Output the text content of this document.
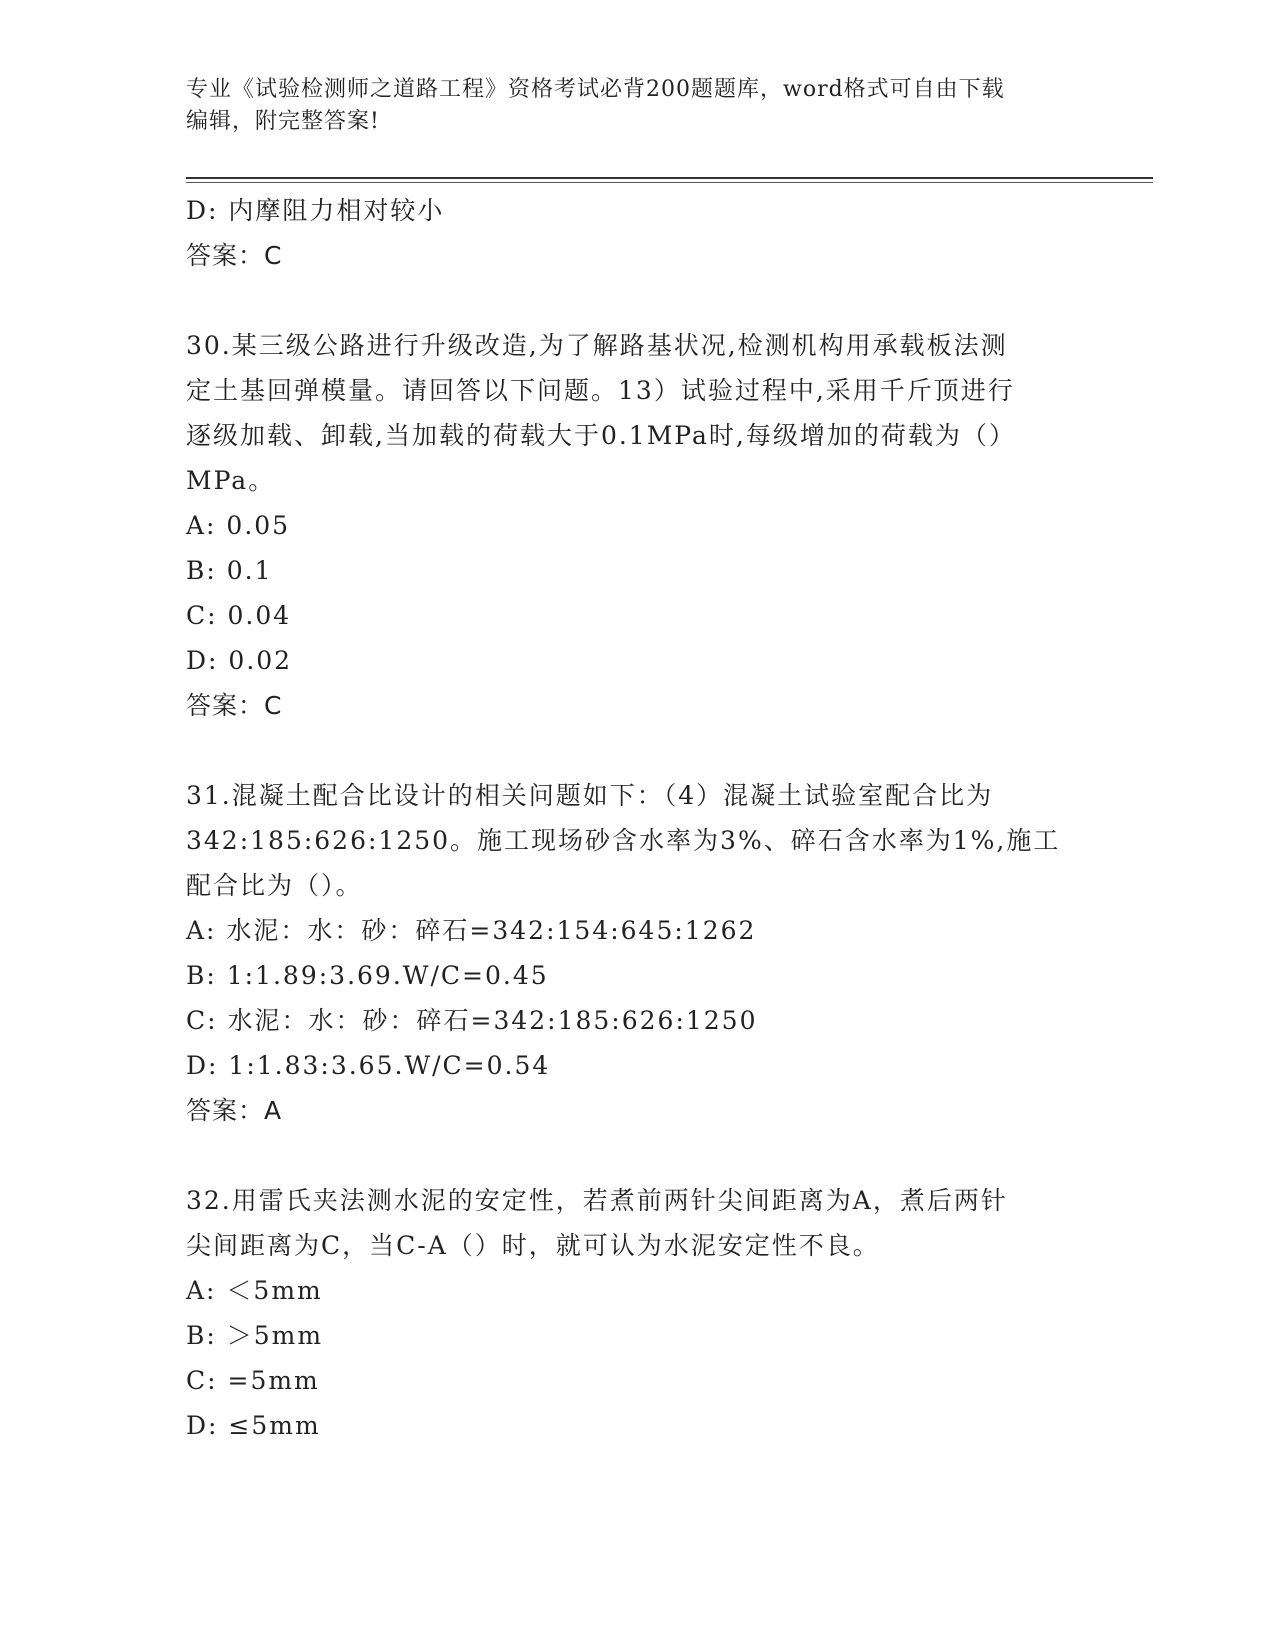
专业《试验检测师之道路工程》资格考试必背200题题库，word格式可自由下载
编辑，附完整答案!
D: 内摩阻力相对较小
答案：C
30.某三级公路进行升级改造,为了解路基状况,检测机构用承载板法测
定土基回弹模量。请回答以下问题。13）试验过程中,采用千斤顶进行
逐级加载、卸载,当加载的荷载大于0.1MPa时,每级增加的荷载为（）
MPa。
A: 0.05
B: 0.1
C: 0.04
D: 0.02
答案：C
31.混凝土配合比设计的相关问题如下：（4）混凝土试验室配合比为
342:185:626:1250。施工现场砂含水率为3%、碎石含水率为1%,施工
配合比为（）。
A: 水泥：水：砂：碎石=342:154:645:1262
B: 1:1.89:3.69.W/C=0.45
C: 水泥：水：砂：碎石=342:185:626:1250
D: 1:1.83:3.65.W/C=0.54
答案：A
32.用雷氏夹法测水泥的安定性，若煮前两针尖间距离为A，煮后两针
尖间距离为C，当C-A（）时，就可认为水泥安定性不良。
A: ＜5mm
B: ＞5mm
C: =5mm
D: ≤5mm
